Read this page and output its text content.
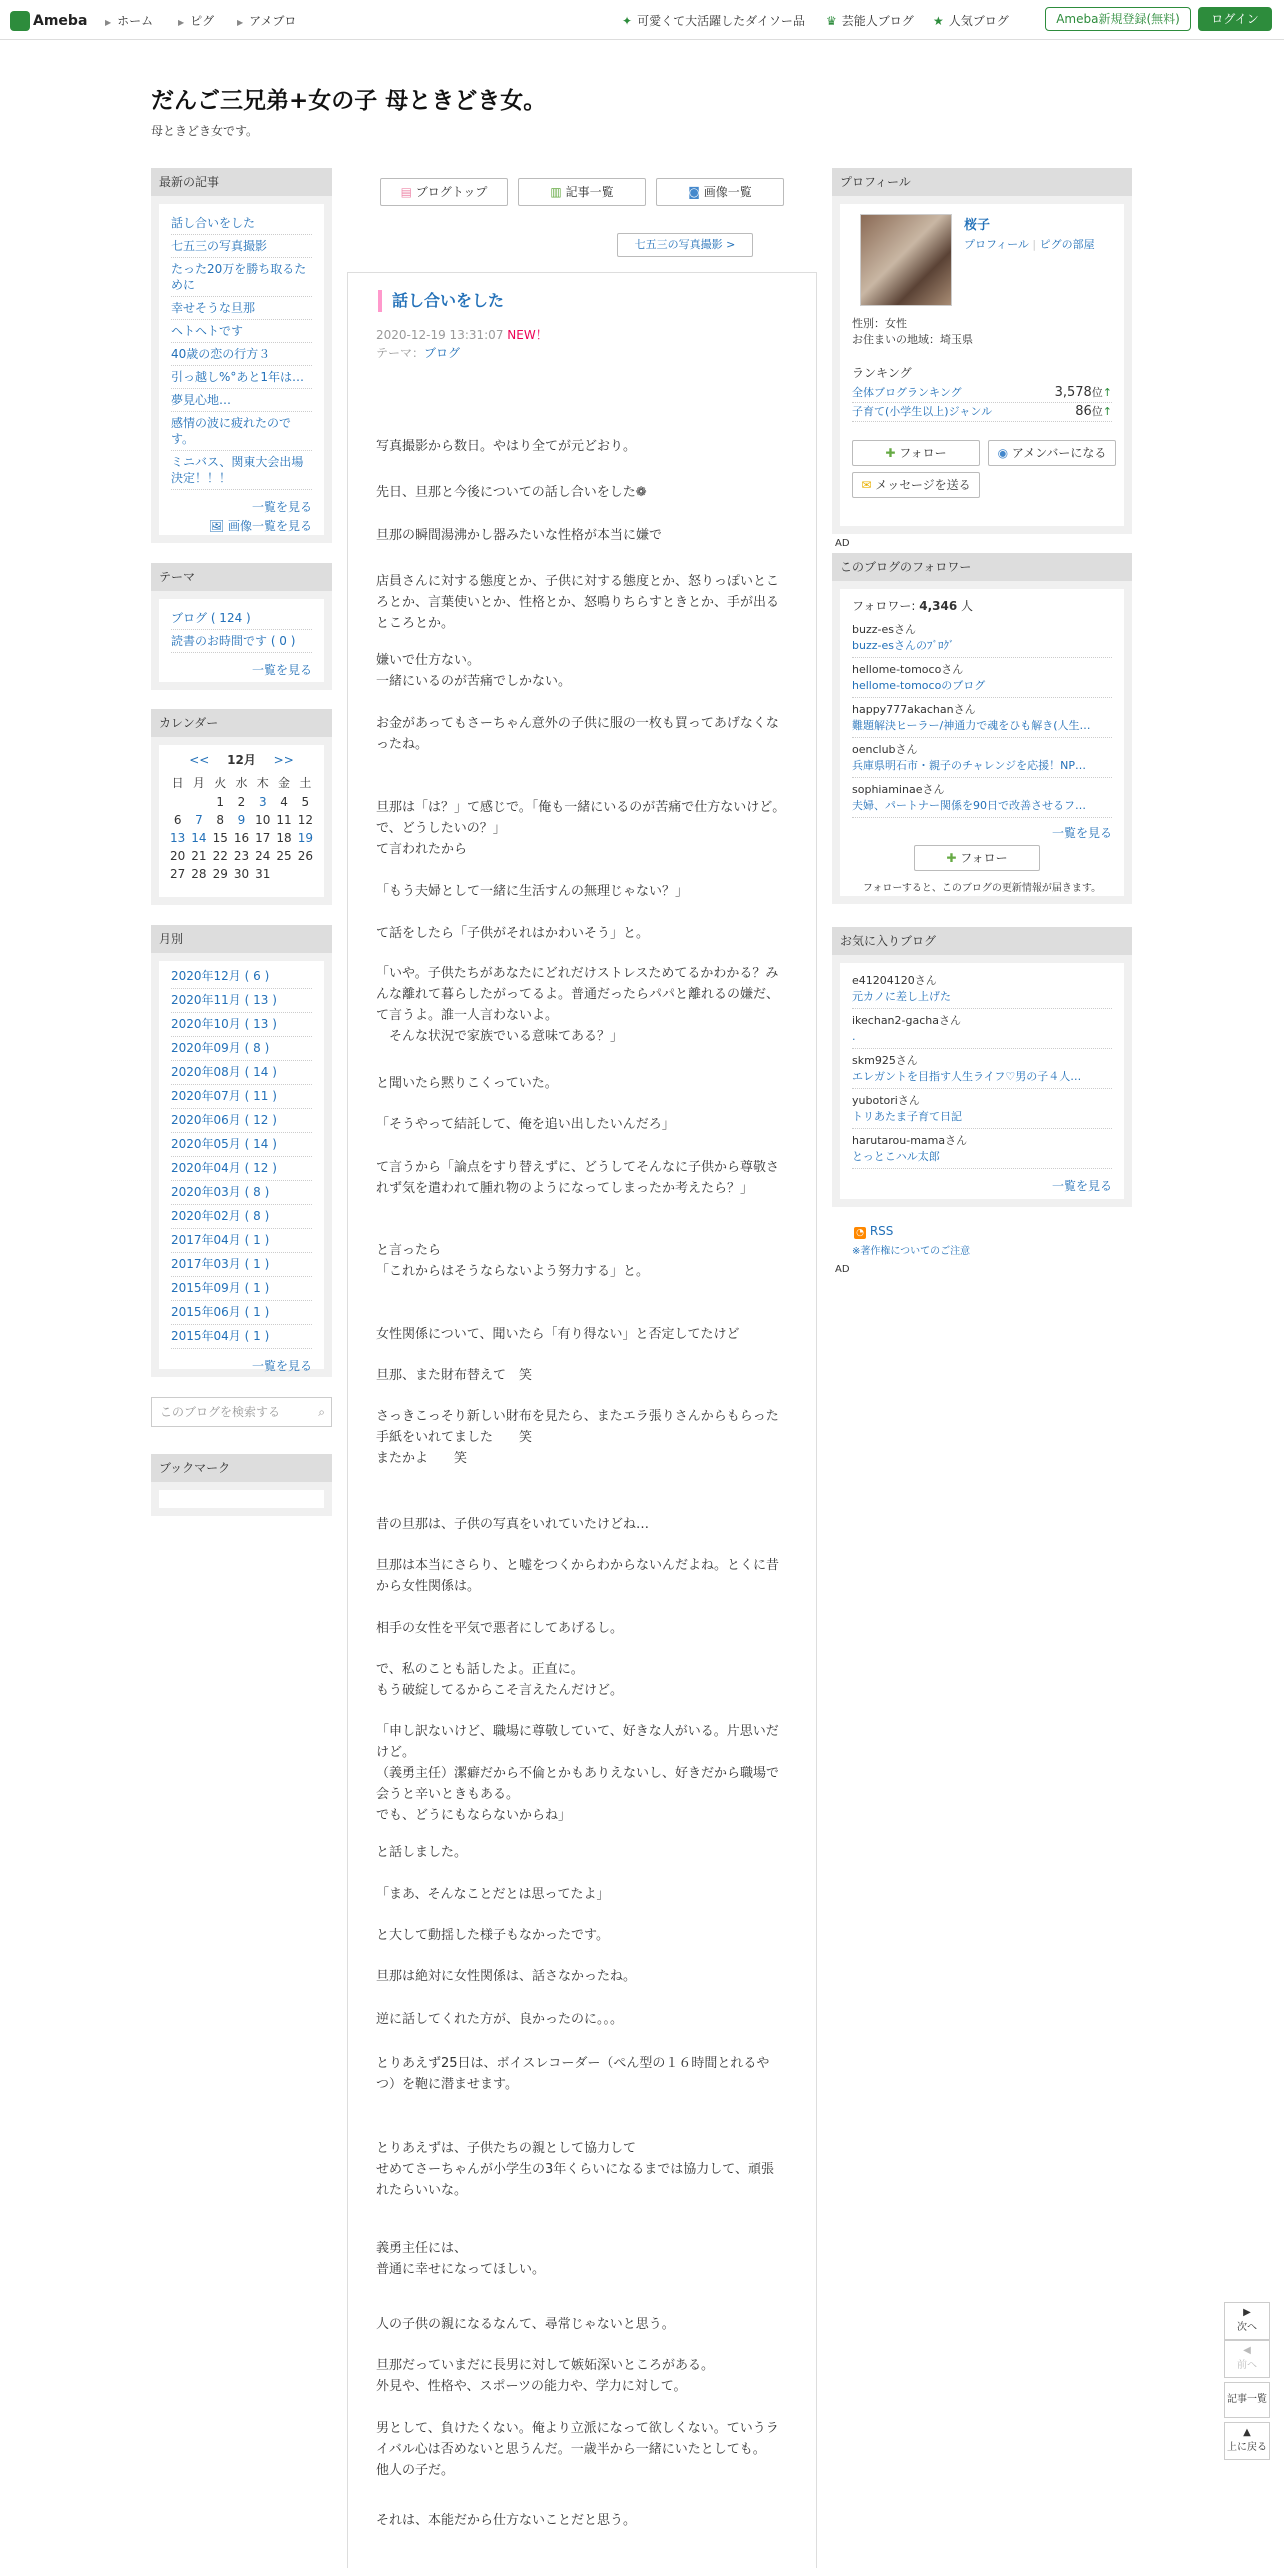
Ameba ▶ ホーム	▶ ピグ	▶ アメブロ	✦ 可愛くて大活躍したダイソー品 ♛ 芸能人ブログ ★ 人気ブログ	Ameba新規登録(無料)	ログイン
だんご三兄弟+女の子 母ときどき女。
母ときどき女です。
最新の記事
話し合いをした
七五三の写真撮影
たった20万を勝ち取るために
幸せそうな旦那
ヘトヘトです
40歳の恋の行方３
引っ越し%°あと1年は…
夢見心地…
感情の波に疲れたのです。
ミニバス、関東大会出場決定！！！
一覧を見る
🖼 画像一覧を見る
テーマ
ブログ ( 124 )
読書のお時間です ( 0 )
一覧を見る
カレンダー
<< 12月 >>
日	月	火	水	木	金	土
		1	2	3	4	5
6	7	8	9	10	11	12
13	14	15	16	17	18	19
20	21	22	23	24	25	26
27	28	29	30	31		
月別
2020年12月 ( 6 )
2020年11月 ( 13 )
2020年10月 ( 13 )
2020年09月 ( 8 )
2020年08月 ( 14 )
2020年07月 ( 11 )
2020年06月 ( 12 )
2020年05月 ( 14 )
2020年04月 ( 12 )
2020年03月 ( 8 )
2020年02月 ( 8 )
2017年04月 ( 1 )
2017年03月 ( 1 )
2015年09月 ( 1 )
2015年06月 ( 1 )
2015年04月 ( 1 )
一覧を見る
このブログを検索する	⌕
ブックマーク
▤ ブログトップ	▥ 記事一覧	◙ 画像一覧
七五三の写真撮影 >
話し合いをした
2020-12-19 13:31:07 NEW！
テーマ：ブログ
写真撮影から数日。やはり全てが元どおり。
先日、旦那と今後についての話し合いをした❁
旦那の瞬間湯沸かし器みたいな性格が本当に嫌で
店員さんに対する態度とか、子供に対する態度とか、怒りっぽいところとか、言葉使いとか、性格とか、怒鳴りちらすときとか、手が出るところとか。
嫌いで仕方ない。
一緒にいるのが苦痛でしかない。
お金があってもさーちゃん意外の子供に服の一枚も買ってあげなくなったね。
旦那は「は？」て感じで。「俺も一緒にいるのが苦痛で仕方ないけど。で、どうしたいの？」
て言われたから
「もう夫婦として一緒に生活すんの無理じゃない？」
て話をしたら「子供がそれはかわいそう」と。
「いや。子供たちがあなたにどれだけストレスためてるかわかる？みんな離れて暮らしたがってるよ。普通だったらパパと離れるの嫌だ、て言うよ。誰一人言わないよ。
　そんな状況で家族でいる意味てある？」
と聞いたら黙りこくっていた。
「そうやって結託して、俺を追い出したいんだろ」
て言うから「論点をすり替えずに、どうしてそんなに子供から尊敬されず気を遣われて腫れ物のようになってしまったか考えたら？」
と言ったら
「これからはそうならないよう努力する」と。
女性関係について、聞いたら「有り得ない」と否定してたけど
旦那、また財布替えて　笑
さっきこっそり新しい財布を見たら、またエラ張りさんからもらった手紙をいれてました　　笑
またかよ　　笑
昔の旦那は、子供の写真をいれていたけどね…
旦那は本当にさらり、と嘘をつくからわからないんだよね。とくに昔から女性関係は。
相手の女性を平気で悪者にしてあげるし。
で、私のことも話したよ。正直に。
もう破綻してるからこそ言えたんだけど。
「申し訳ないけど、職場に尊敬していて、好きな人がいる。片思いだけど。
（義勇主任）潔癖だから不倫とかもありえないし、好きだから職場で会うと辛いときもある。
でも、どうにもならないからね」
と話しました。
「まあ、そんなことだとは思ってたよ」
と大して動揺した様子もなかったです。
旦那は絶対に女性関係は、話さなかったね。
逆に話してくれた方が、良かったのに。。。
とりあえず25日は、ボイスレコーダー（ぺん型の１６時間とれるやつ）を鞄に潜ませます。
とりあえずは、子供たちの親として協力して
せめてさーちゃんが小学生の3年くらいになるまでは協力して、頑張れたらいいな。
義勇主任には、
普通に幸せになってほしい。
人の子供の親になるなんて、尋常じゃないと思う。
旦那だっていまだに長男に対して嫉妬深いところがある。
外見や、性格や、スポーツの能力や、学力に対して。
男として、負けたくない。俺より立派になって欲しくない。ていうライバル心は否めないと思うんだ。一歳半から一緒にいたとしても。
他人の子だ。
それは、本能だから仕方ないことだと思う。
プロフィール
桜子
プロフィール | ピグの部屋
性別：女性
お住まいの地域：埼玉県
ランキング
全体ブログランキング	3,578位↑
子育て(小学生以上)ジャンル	86位↑
✚ フォロー	◉ アメンバーになる
✉ メッセージを送る
AD
このブログのフォロワー
フォロワー: 4,346 人
buzz-esさん
buzz-esさんのﾌﾞﾛｸﾞ
hellome-tomocoさん
hellome-tomocoのブログ
happy777akachanさん
難題解決ヒーラー/神通力で魂をひも解き(人生…
oenclubさん
兵庫県明石市・親子のチャレンジを応援！NP…
sophiaminaeさん
夫婦、パートナー関係を90日で改善させるフ…
一覧を見る
✚ フォロー
フォローすると、このブログの更新情報が届きます。
お気に入りブログ
e41204120さん
元カノに差し上げた
ikechan2-gachaさん
.
skm925さん
エレガントを目指す人生ライフ♡男の子４人…
yubotoriさん
トリあたま子育て日記
harutarou-mamaさん
とっとこハル太郎
一覧を見る
◔ RSS
※著作権についてのご注意
AD
▶
次へ
◀
前へ
記事一覧
▲
上に戻る
